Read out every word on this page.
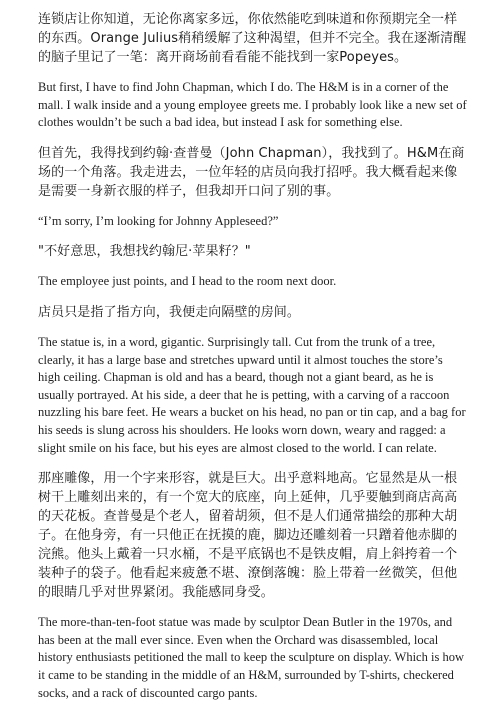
连锁店让你知道，无论你离家多远，你依然能吃到味道和你预期完全一样的东西。Orange Julius稍稍缓解了这种渴望，但并不完全。我在逐渐清醒的脑子里记了一笔：离开商场前看看能不能找到一家Popeyes。

But first, I have to find John Chapman, which I do. The H&M is in a corner of the mall. I walk inside and a young employee greets me. I probably look like a new set of clothes wouldn’t be such a bad idea, but instead I ask for something else.

但首先，我得找到约翰·查普曼（John Chapman），我找到了。H&M在商场的一个角落。我走进去，一位年轻的店员向我打招呼。我大概看起来像是需要一身新衣服的样子，但我却开口问了别的事。

“I’m sorry, I’m looking for Johnny Appleseed?”

"不好意思，我想找约翰尼·苹果籽？"

The employee just points, and I head to the room next door.

店员只是指了指方向，我便走向隔壁的房间。

The statue is, in a word, gigantic. Surprisingly tall. Cut from the trunk of a tree, clearly, it has a large base and stretches upward until it almost touches the store’s high ceiling. Chapman is old and has a beard, though not a giant beard, as he is usually portrayed. At his side, a deer that he is petting, with a carving of a raccoon nuzzling his bare feet. He wears a bucket on his head, no pan or tin cap, and a bag for his seeds is slung across his shoulders. He looks worn down, weary and ragged: a slight smile on his face, but his eyes are almost closed to the world. I can relate.

那座雕像，用一个字来形容，就是巨大。出乎意料地高。它显然是从一根树干上雕刻出来的，有一个宽大的底座，向上延伸，几乎要触到商店高高的天花板。查普曼是个老人，留着胡须，但不是人们通常描绘的那种大胡子。在他身旁，有一只他正在抚摸的鹿，脚边还雕刻着一只蹭着他赤脚的浣熊。他头上戴着一只水桶，不是平底锅也不是铁皮帽，肩上斜挎着一个装种子的袋子。他看起来疲惫不堪、潦倒落魄：脸上带着一丝微笑，但他的眼睛几乎对世界紧闭。我能感同身受。

The more-than-ten-foot statue was made by sculptor Dean Butler in the 1970s, and has been at the mall ever since. Even when the Orchard was disassembled, local history enthusiasts petitioned the mall to keep the sculpture on display. Which is how it came to be standing in the middle of an H&M, surrounded by T-shirts, checkered socks, and a rack of discounted cargo pants.
